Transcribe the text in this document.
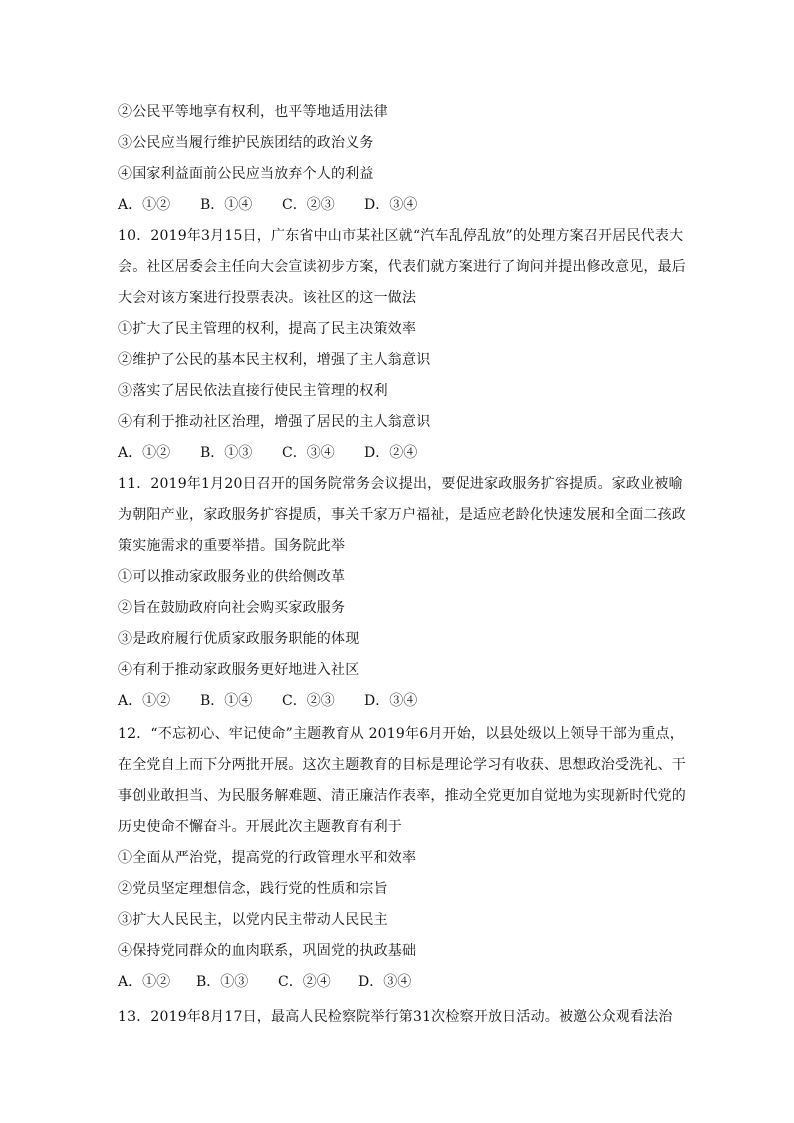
②公民平等地享有权利，也平等地适用法律
③公民应当履行维护民族团结的政治义务
④国家利益面前公民应当放弃个人的利益
A．①② B．①④ C．②③ D．③④
10．2019年3月15日，广东省中山市某社区就“汽车乱停乱放”的处理方案召开居民代表大
会。社区居委会主任向大会宣读初步方案，代表们就方案进行了询问并提出修改意见，最后
大会对该方案进行投票表决。该社区的这一做法
①扩大了民主管理的权利，提高了民主决策效率
②维护了公民的基本民主权利，增强了主人翁意识
③落实了居民依法直接行使民主管理的权利
④有利于推动社区治理，增强了居民的主人翁意识
A．①② B．①③ C．③④ D．②④
11．2019年1月20日召开的国务院常务会议提出，要促进家政服务扩容提质。家政业被喻
为朝阳产业，家政服务扩容提质，事关千家万户福祉，是适应老龄化快速发展和全面二孩政
策实施需求的重要举措。国务院此举
①可以推动家政服务业的供给侧改革
②旨在鼓励政府向社会购买家政服务
③是政府履行优质家政服务职能的体现
④有利于推动家政服务更好地进入社区
A．①② B．①④ C．②③ D．③④
12．“不忘初心、牢记使命”主题教育从 2019年6月开始，以县处级以上领导干部为重点，
在全党自上而下分两批开展。这次主题教育的目标是理论学习有收获、思想政治受洗礼、干
事创业敢担当、为民服务解难题、清正廉洁作表率，推动全党更加自觉地为实现新时代党的
历史使命不懈奋斗。开展此次主题教育有利于
①全面从严治党，提高党的行政管理水平和效率
②党员坚定理想信念，践行党的性质和宗旨
③扩大人民民主，以党内民主带动人民民主
④保持党同群众的血肉联系，巩固党的执政基础
A．①② B．①③ C．②④ D．③④
13．2019年8月17日，最高人民检察院举行第31次检察开放日活动。被邀公众观看法治
